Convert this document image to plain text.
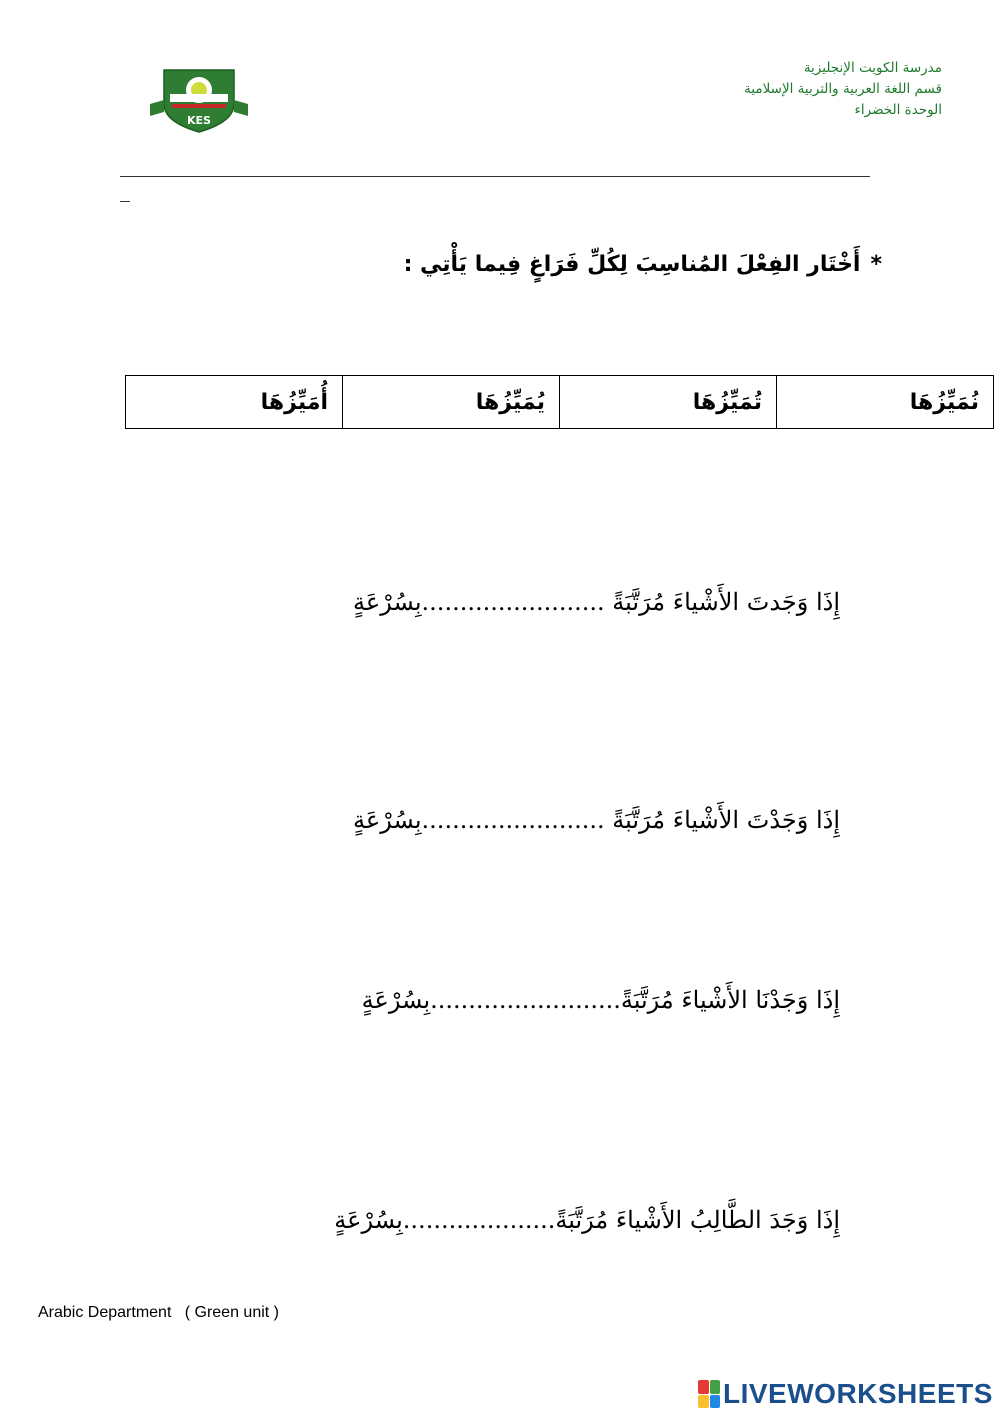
KES
مدرسة الكويت الإنجليزية
قسم اللغة العربية والتربية الإسلامية
الوحدة الخضراء
*أَخْتَار الفِعْلَ المُناسِبَ لِكُلِّ فَرَاغٍ فِيما يَأْتِي :
نُمَيِّزُهَا	تُمَيِّزُهَا	يُمَيِّزُهَا	أُمَيِّزُهَا
إِذَا وَجَدتَ الأَشْياءَ مُرَتَّبَةً ........................بِسُرْعَةٍ
إِذَا وَجَدْتَ الأَشْياءَ مُرَتَّبَةً ........................بِسُرْعَةٍ
إِذَا وَجَدْنَا الأَشْياءَ مُرَتَّبَةً.........................بِسُرْعَةٍ
إِذَا وَجَدَ الطَّالِبُ الأَشْياءَ مُرَتَّبَةً....................بِسُرْعَةٍ
Arabic Department   ( Green unit )
LIVEWORKSHEETS
